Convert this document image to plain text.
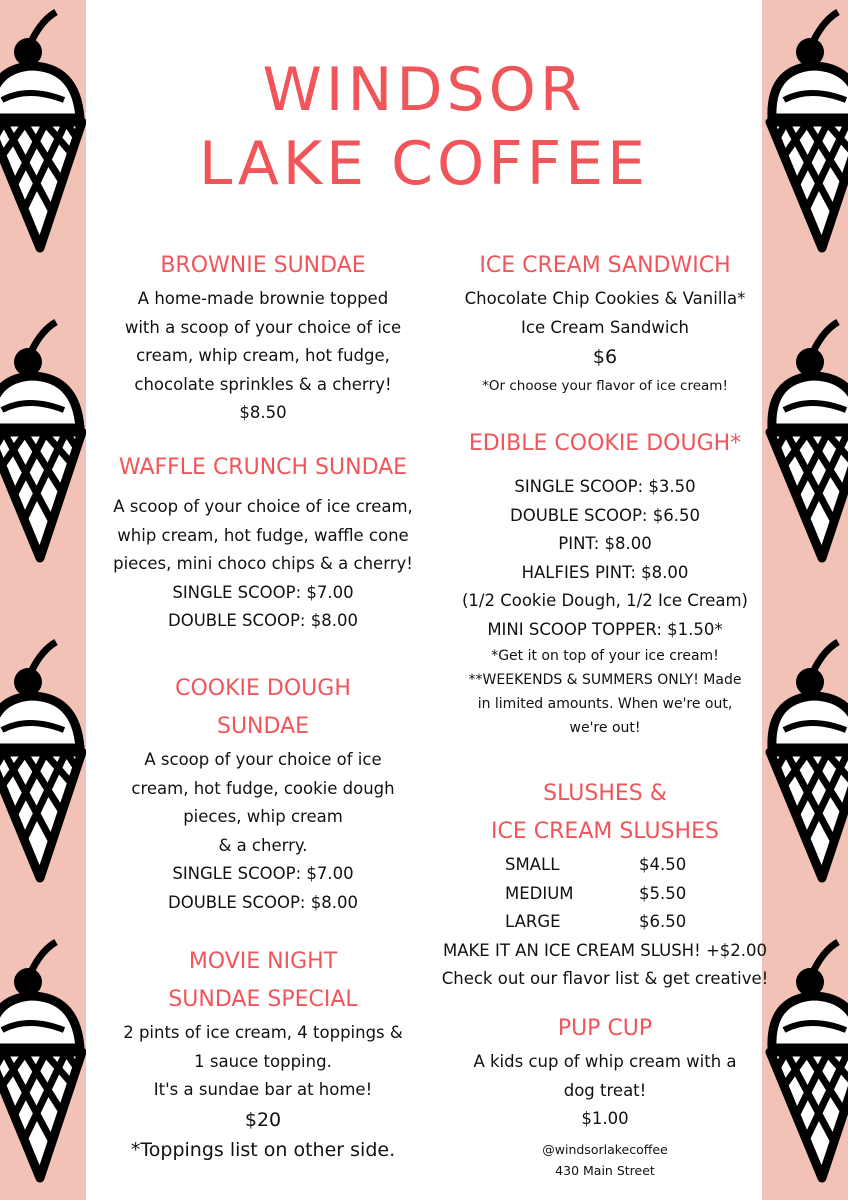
WINDSOR
LAKE COFFEE
BROWNIE SUNDAE
A home-made brownie topped
with a scoop of your choice of ice
cream, whip cream, hot fudge,
chocolate sprinkles & a cherry!
$8.50
WAFFLE CRUNCH SUNDAE
A scoop of your choice of ice cream,
whip cream, hot fudge, waffle cone
pieces, mini choco chips & a cherry!
SINGLE SCOOP: $7.00
DOUBLE SCOOP: $8.00
COOKIE DOUGH
SUNDAE
A scoop of your choice of ice
cream, hot fudge, cookie dough
pieces, whip cream
& a cherry.
SINGLE SCOOP: $7.00
DOUBLE SCOOP: $8.00
MOVIE NIGHT
SUNDAE SPECIAL
2 pints of ice cream, 4 toppings &
1 sauce topping.
It's a sundae bar at home!
$20
*Toppings list on other side.
ICE CREAM SANDWICH
Chocolate Chip Cookies & Vanilla*
Ice Cream Sandwich
$6
*Or choose your flavor of ice cream!
EDIBLE COOKIE DOUGH*
SINGLE SCOOP: $3.50
DOUBLE SCOOP: $6.50
PINT: $8.00
HALFIES PINT: $8.00
(1/2 Cookie Dough, 1/2 Ice Cream)
MINI SCOOP TOPPER: $1.50*
*Get it on top of your ice cream!
**WEEKENDS & SUMMERS ONLY! Made
in limited amounts. When we're out,
we're out!
SLUSHES &
ICE CREAM SLUSHES
SMALL	$4.50
MEDIUM	$5.50
LARGE	$6.50
MAKE IT AN ICE CREAM SLUSH! +$2.00
Check out our flavor list & get creative!
PUP CUP
A kids cup of whip cream with a
dog treat!
$1.00
@windsorlakecoffee
430 Main Street
